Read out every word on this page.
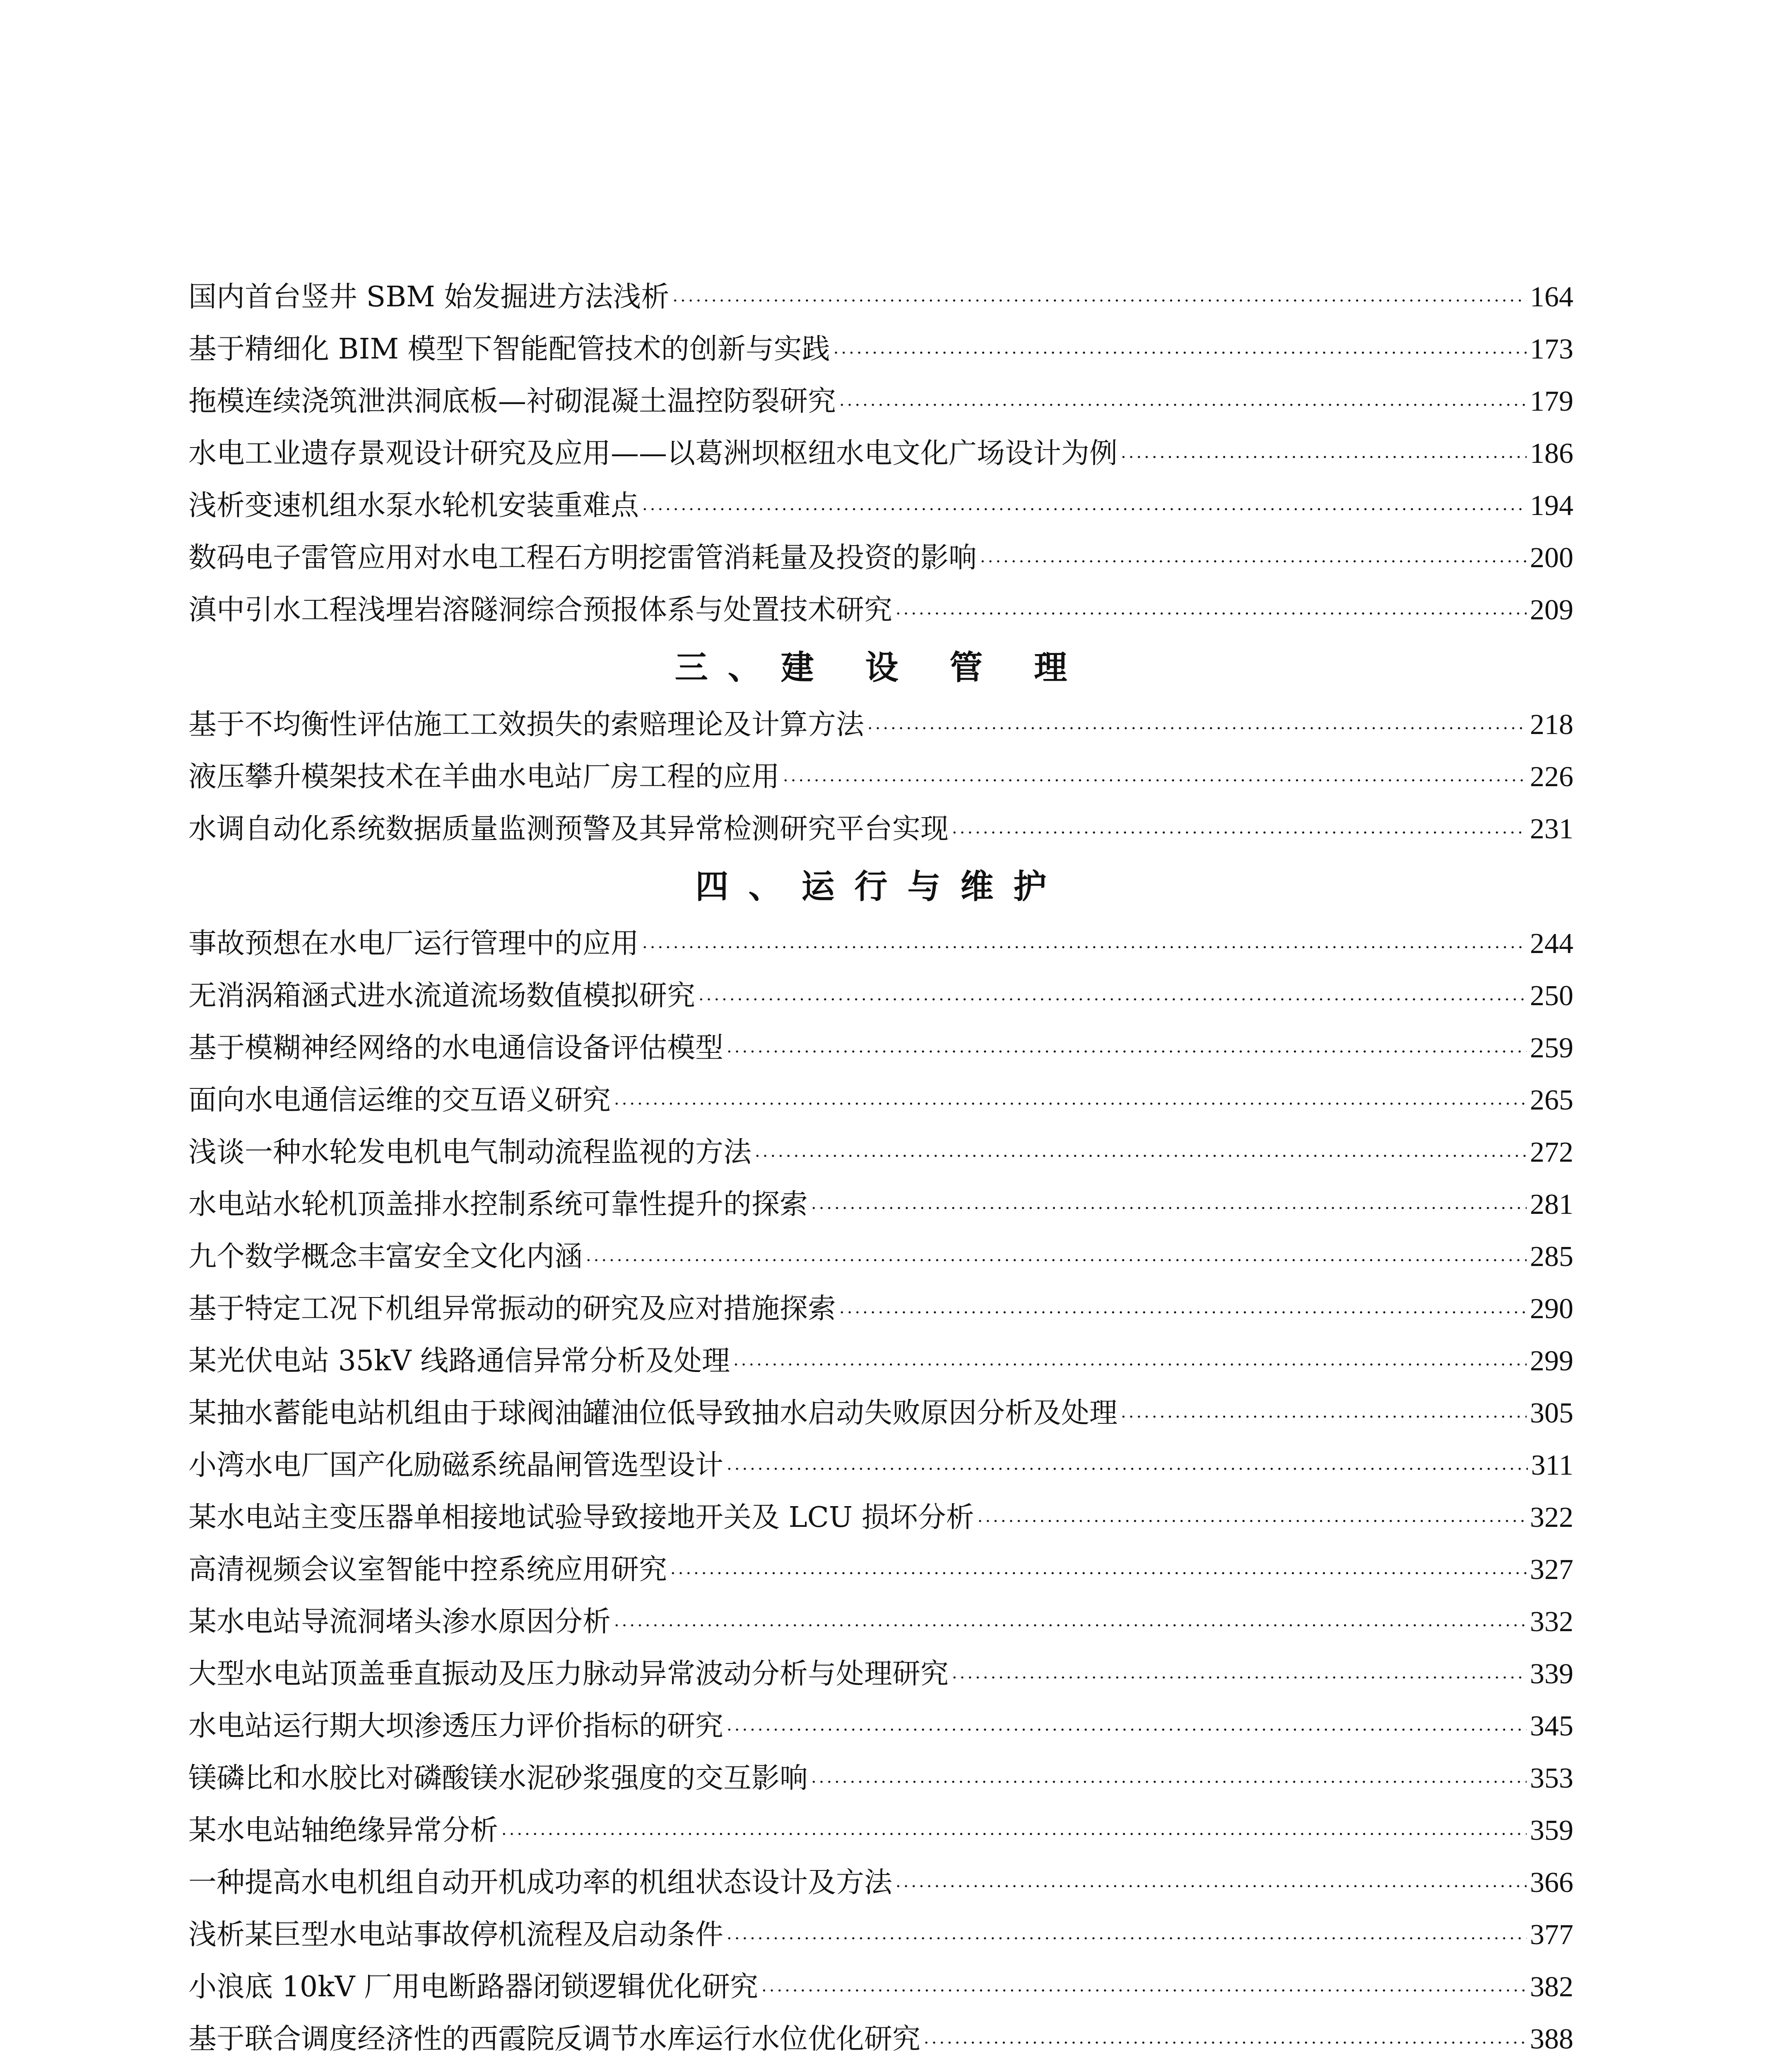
国内首台竖井 SBM 始发掘进方法浅析 ·····	164
基于精细化 BIM 模型下智能配管技术的创新与实践 ·····	173
拖模连续浇筑泄洪洞底板—衬砌混凝土温控防裂研究 ·····	179
水电工业遗存景观设计研究及应用——以葛洲坝枢纽水电文化广场设计为例 ·····	186
浅析变速机组水泵水轮机安装重难点 ·····	194
数码电子雷管应用对水电工程石方明挖雷管消耗量及投资的影响 ·····	200
滇中引水工程浅埋岩溶隧洞综合预报体系与处置技术研究 ·····	209
三、建 设 管 理
基于不均衡性评估施工工效损失的索赔理论及计算方法 ·····	218
液压攀升模架技术在羊曲水电站厂房工程的应用 ·····	226
水调自动化系统数据质量监测预警及其异常检测研究平台实现 ·····	231
四、运行与维护
事故预想在水电厂运行管理中的应用 ·····	244
无消涡箱涵式进水流道流场数值模拟研究 ·····	250
基于模糊神经网络的水电通信设备评估模型 ·····	259
面向水电通信运维的交互语义研究 ·····	265
浅谈一种水轮发电机电气制动流程监视的方法 ·····	272
水电站水轮机顶盖排水控制系统可靠性提升的探索 ·····	281
九个数学概念丰富安全文化内涵 ·····	285
基于特定工况下机组异常振动的研究及应对措施探索 ·····	290
某光伏电站 35kV 线路通信异常分析及处理 ·····	299
某抽水蓄能电站机组由于球阀油罐油位低导致抽水启动失败原因分析及处理 ·····	305
小湾水电厂国产化励磁系统晶闸管选型设计 ·····	311
某水电站主变压器单相接地试验导致接地开关及 LCU 损坏分析 ·····	322
高清视频会议室智能中控系统应用研究 ·····	327
某水电站导流洞堵头渗水原因分析 ·····	332
大型水电站顶盖垂直振动及压力脉动异常波动分析与处理研究 ·····	339
水电站运行期大坝渗透压力评价指标的研究 ·····	345
镁磷比和水胶比对磷酸镁水泥砂浆强度的交互影响 ·····	353
某水电站轴绝缘异常分析 ·····	359
一种提高水电机组自动开机成功率的机组状态设计及方法 ·····	366
浅析某巨型水电站事故停机流程及启动条件 ·····	377
小浪底 10kV 厂用电断路器闭锁逻辑优化研究 ·····	382
基于联合调度经济性的西霞院反调节水库运行水位优化研究 ·····	388
·····
